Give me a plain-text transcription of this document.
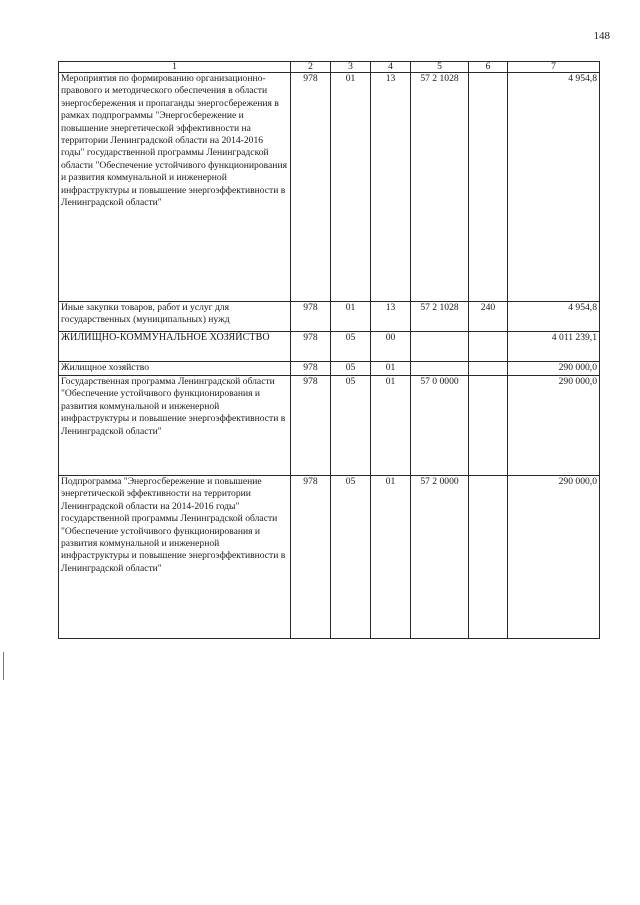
148
1	2	3	4	5	6	7
Мероприятия по формированию организационно-правового и методического обеспечения в области энергосбережения и пропаганды энергосбережения в рамках подпрограммы "Энергосбережение и повышение энергетической эффективности на территории Ленинградской области на 2014-2016 годы" государственной программы Ленинградской области "Обеспечение устойчивого функционирования и развития коммунальной и инженерной инфраструктуры и повышение энергоэффективности в Ленинградской области"	978	01	13	57 2 1028		4 954,8
Иные закупки товаров, работ и услуг для государственных (муниципальных) нужд	978	01	13	57 2 1028	240	4 954,8
ЖИЛИЩНО-КОММУНАЛЬНОЕ ХОЗЯЙСТВО	978	05	00			4 011 239,1
Жилищное хозяйство	978	05	01			290 000,0
Государственная программа Ленинградской области "Обеспечение устойчивого функционирования и развития коммунальной и инженерной инфраструктуры и повышение энергоэффективности в Ленинградской области"	978	05	01	57 0 0000		290 000,0
Подпрограмма "Энергосбережение и повышение энергетической эффективности на территории Ленинградской области на 2014-2016 годы" государственной программы Ленинградской области "Обеспечение устойчивого функционирования и развития коммунальной и инженерной инфраструктуры и повышение энергоэффективности в Ленинградской области"	978	05	01	57 2 0000		290 000,0
